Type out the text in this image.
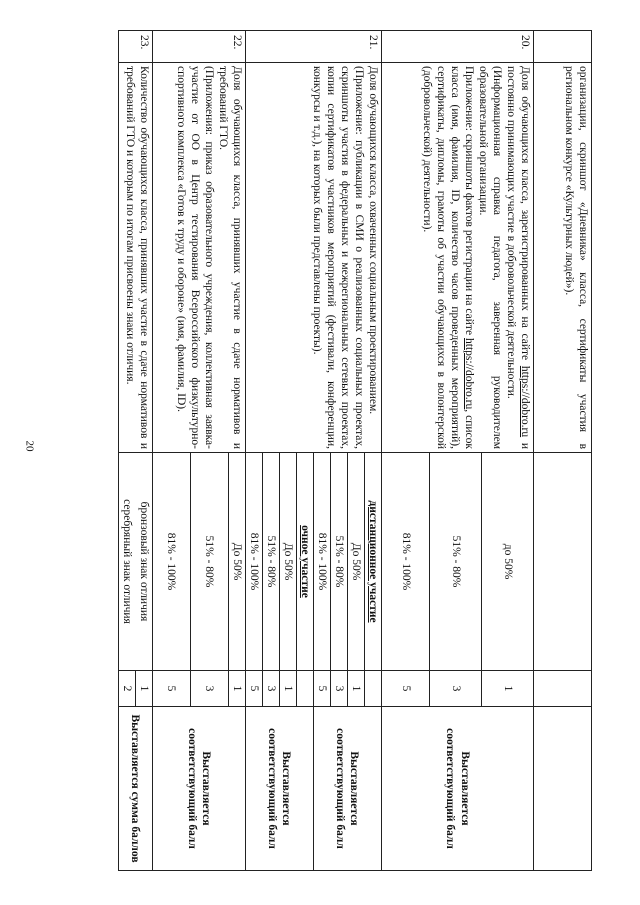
20
		организации, скриншот «Дневника» класса, сертификаты участия в региональном конкурсе «Культурных людей»).			
20.	Доля обучающихся класса, зарегистрированных на сайте https://dobro.ru и постоянно принимающих участие в добровольческой деятельности.

(Информационная справка педагога, заверенная руководителем образовательной организации.

Приложение: скриншоты фактов регистрации на сайте https://dobro.ru, список класса (имя, фамилия, ID, количество часов проведенных мероприятий), сертификаты, дипломы, грамоты об участии обучающихся в волонтерской (добровольческой) деятельности).	до 50%	1	Выставляется соответствующий балл
		51% - 80%	3	
		81% - 100%	5	
21.	Доля обучающихся класса, охваченных социальным проектированием.

(Приложение: публикации в СМИ о реализованных социальных проектах, скриншоты участия в федеральных и межрегиональных сетевых проектах, копии сертификатов участников мероприятий (фестивали, конференции, конкурсы и т.д.), на которых были представлены проекты).	дистанционное участие		Выставляется соответствующий балл
		До 50%	1	
		51% - 80%	3	
		81% - 100%	5	
		очное участие		Выставляется соответствующий балл
		До 50%	1	
		51% - 80%	3	
		81% - 100%	5	
22.	Доля обучающихся класса, принявших участие в сдаче нормативов и требований ГТО.

(Приложения: приказ образовательного учреждения, коллективная заявка-участие от ОО в Центр тестирования Всероссийского физкультурно-спортивного комплекса «Готов к труду и обороне» (имя, фамилия, ID).	До 50%	1	Выставляется соответствующий балл
		51% - 80%	3	
		81% - 100%	5	
23.	Количество обучающихся класса, принявших участие в сдаче нормативов и требований ГТО и которым по итогам присвоены знаки отличия.	бронзовый знак отличия	1	Выставляется сумма баллов
		серебряный знак отличия	2	
